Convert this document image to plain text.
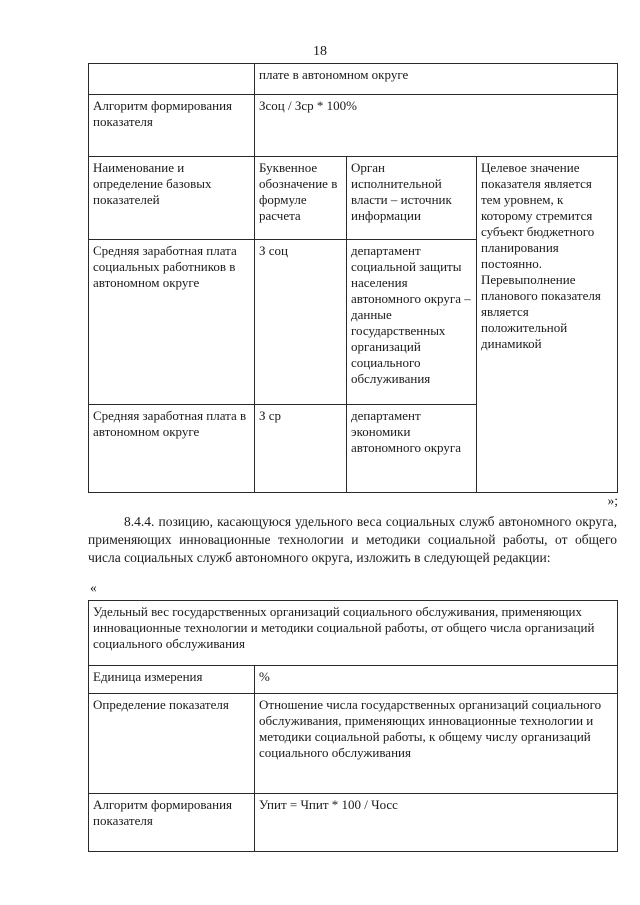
18
	плате в автономном округе		
Алгоритм формирования показателя	Зсоц / Зср * 100%		
Наименование и определение базовых показателей	Буквенное обозначение в формуле расчета	Орган исполнительной власти – источник информации	Целевое значение показателя является тем уровнем, к которому стремится субъект бюджетного планирования постоянно. Перевыполнение планового показателя является положительной динамикой
Средняя заработная плата социальных работников в автономном округе	З соц	департамент социальной защиты населения автономного округа – данные государственных организаций социального обслуживания	
Средняя заработная плата в автономном округе	З ср	департамент экономики автономного округа	
»;
8.4.4. позицию, касающуюся удельного веса социальных служб автономного округа, применяющих инновационные технологии и методики социальной работы, от общего числа социальных служб автономного округа, изложить в следующей редакции:
«
Удельный вес государственных организаций социального обслуживания, применяющих инновационные технологии и методики социальной работы, от общего числа организаций социального обслуживания	
Единица измерения	%
Определение показателя	Отношение числа государственных организаций социального обслуживания, применяющих инновационные технологии и методики социальной работы, к общему числу организаций социального обслуживания
Алгоритм формирования показателя	Упит = Чпит * 100 / Чосс
